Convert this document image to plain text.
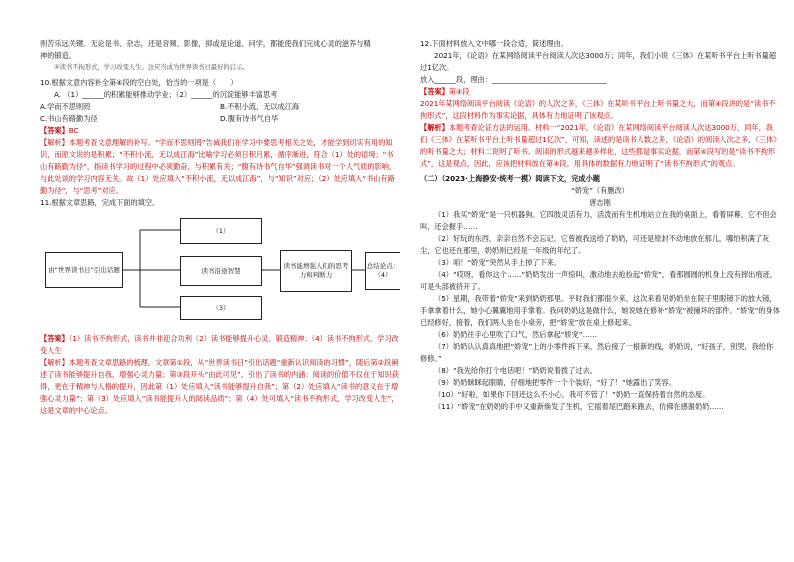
则苦乐远关键。无论是书、杂志，还是音频、影像，抑或是论道、问学，都能使我们完成心灵的滋养与精

神的锻造。

④读书不拘形式，学习改变人生。这应当成为世界读书日最好的启示。

10.根据文意内容补全第④段的空白处，恰当的一项是（　　）

A. （1）______的积累能够推动学业；（2）______的沉淀能够丰富思考

A.学而不思则罔	B.不积小流，无以成江海
C.书山有路勤为径	D.腹有诗书气自华

【答案】BC

【解析】本题考查文意理解的补写。“学而不思则罔”告诫我们在学习中要思考相关之处，才能学到切实有用的知识，而原文说的是积累；“不积小流，无以成江海”比喻学习必须日积月累，循序渐进，符合（1）处的语境；“书山有路勤为径”，指读书学习的过程中必须勤奋，与积累有关；“腹有诗书气自华”强调读书对一个人气质的影响，与此处谈的学习内容无关。故（1）处应填入“不积小流，无以成江海”，与“知识”对应；（2）处应填入“书山有路勤为径”，与“思考”对应。

11.根据文章思路，完成下面的填空。

由“世界读书日”引出话题
（1）
读书沿途智慧
读书能增强人们的思考力和判断力
总结论点：（4）
（3）

【答案】（1）读书不拘形式，读书并非迎合功利（2）读书能够提升心灵、锻造精神；（4）读书不拘形式，学习改变人生

【解析】本题考查文章思路的梳理。文章第①段，从“世界读书日”引出话题“重新认识阅读的习惯”，随后第②段阐述了读书能够提升自我，增强心灵力量；第③段开头“由此可见”，引出了读书的内涵：阅读的价值不仅在于知识获得，更在于精神与人格的提升，因此第（1）处应填入“读书能够提升自我”；第（2）处应填入“读书的意义在于增强心灵力量”；第（3）处应填入“读书能提升人的阅读品质”；第（4）处可填入“读书不拘形式，学习改变人生”，这是文章的中心论点。

12.下面材料放入文中哪一段合适，简述理由。

2021年，《论语》在某网络阅读平台阅读人次达3000万；同年，我们小说《三体》在某听书平台上听书量超过1亿次。

放入______段，理由：________________________________

【答案】第④段

2021年某网络阅读平台阅读《论语》的人次之多，《三体》在某听书平台上听书量之大，而第④段讲的是“读书不拘形式”，这段材料作为事实论据，具体有力地证明了该观点。

【解析】本题考查论证方法的运用。材料一“2021年，《论语》在某网络阅读平台阅读人次达3000万，同年，我们《三体》在某听书平台上听书量超过1亿次”，可知，读述的是读书人数之多，《论语》的阅读人次之多，《三体》的听书量之大；材料二说明了听书、阅读的形式越来越多样化，这些都是事实论据，而第④段写的是“读书不拘形式”，这是观点，因此，应该把材料放在第④段，用具体的数据有力地证明了“读书不拘形式”的观点。

（二）（2023·上海静安·统考一模）阅读下文，完成小题

“娇宠”（有删改）

唐志刚

（1）我买“娇宠”是一只机器狗。它四肢灵活有力，活泼而有生机地站立在我的桌面上，看着屏幕，它不但会叫，还会握手……

（2）好玩的东西，亲亲自然不会忘记。它曾被我送给了奶奶，可还是原封不动地放在那儿，哪怕积满了灰尘，它也还在那里，奶奶则已经是一年级的年纪了。

（3）咱！“娇宠”突然从手上掉了下来。

（4）“哎呀，看你这个……”奶奶发出一声惊叫，激动地去抢捡起“娇宠”，看那圆圆的机身上没有摔出痕迹，可是头部被挤开了。

（5）星期，我带着“娇宠”来到奶奶那里。平时我们都很少来，这次来看见奶奶坐在院子里眼镜下的放大镜，手拿拿着什么，她小心翼翼地用手掌着。我问奶奶这是做什么，她说她在修补“娇宠”被撞坏的部件。“娇宠”的身体已经修好，接着，我们两人坐在小桌旁，把“娇宠”放在桌上修起来。

（6）奶奶往手心里吹了口气，然后拿起“娇宠”……

（7）奶奶认认真真地把“娇宠”上的小零件拆下来，然后接了一根新的线，奶奶说，“好孩子，别哭，我给你修修。”

（8）“我先给你打个电话吧！”奶奶说着拨了过去。

（9）奶奶眯眯起眼睛，仔细地把零件一个个装好，“好了！”她露出了笑容。

（10）“好啦，如果你下回还这么不小心，我可不管了！”奶奶一直保持着自然的态度。

（11）“娇宠”在奶奶的手中又重新焕发了生机，它摇着尾巴跑来跑去，仿佛在感谢奶奶……
